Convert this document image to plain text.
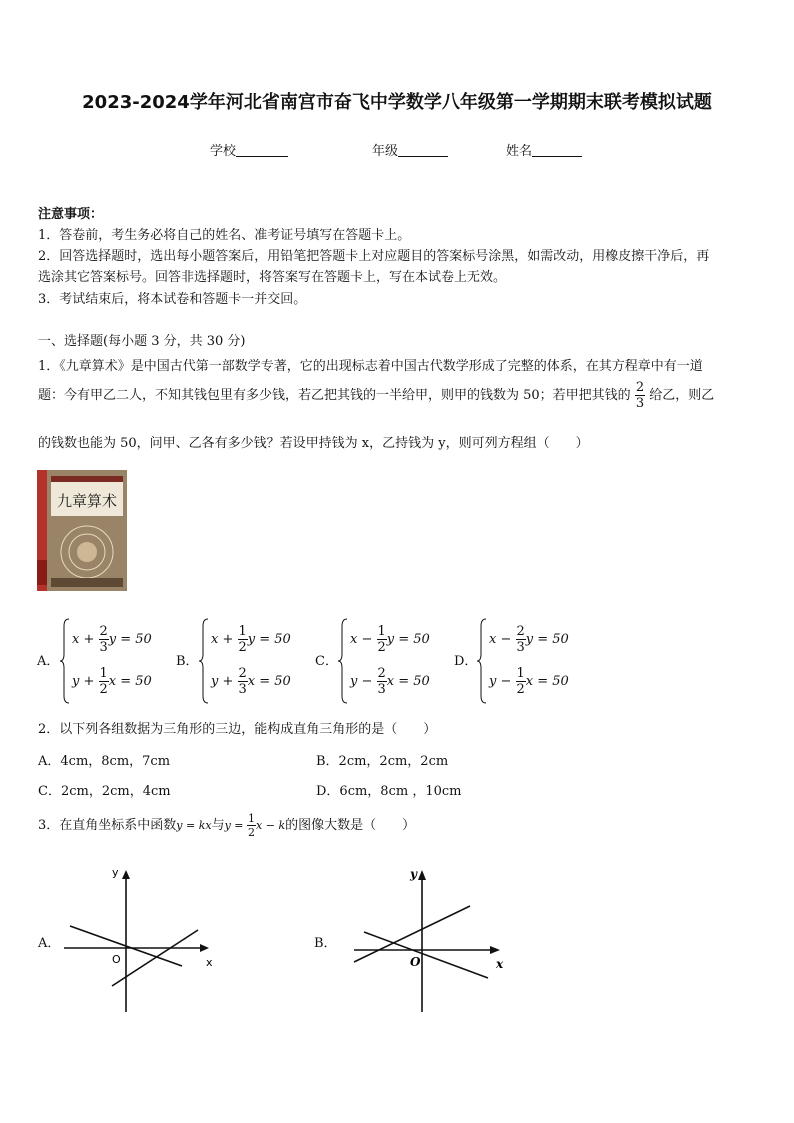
2023-2024学年河北省南宫市奋飞中学数学八年级第一学期期末联考模拟试题
学校	年级	姓名
注意事项：
1．答卷前，考生务必将自己的姓名、准考证号填写在答题卡上。
2．回答选择题时，选出每小题答案后，用铅笔把答题卡上对应题目的答案标号涂黑，如需改动，用橡皮擦干净后，再
选涂其它答案标号。回答非选择题时，将答案写在答题卡上，写在本试卷上无效。
3．考试结束后，将本试卷和答题卡一并交回。
一、选择题(每小题 3 分，共 30 分)
1．《九章算术》是中国古代第一部数学专著，它的出现标志着中国古代数学形成了完整的体系，在其方程章中有一道
题：今有甲乙二人，不知其钱包里有多少钱，若乙把其钱的一半给甲，则甲的钱数为 50；若甲把其钱的 $\frac{2}{3}$ 给乙，则乙
的钱数也能为 50，问甲、乙各有多少钱？若设甲持钱为 x，乙持钱为 y，则可列方程组（　　）
九章算术
A．
$x + \frac{2}{3}$ y = 50
$y + \frac{1}{2}$ x = 50
B．
$x + \frac{1}{2}$ y = 50
$y + \frac{2}{3}$ x = 50
C．
$x - \frac{1}{2}$ y = 50
$y - \frac{2}{3}$ x = 50
D．
$x - \frac{2}{3}$ y = 50
$y - \frac{1}{2}$ x = 50
2．以下列各组数据为三角形的三边，能构成直角三角形的是（　　）
A．4cm，8cm，7cm	B．2cm，2cm，2cm
C．2cm，2cm，4cm	D．6cm，8cm ，10cm
3．在直角坐标系中函数y = kx与$y = \frac{1}{2}$ x − k的图像大数是（　　）
A．
y
O	x
B．
y
O	x
